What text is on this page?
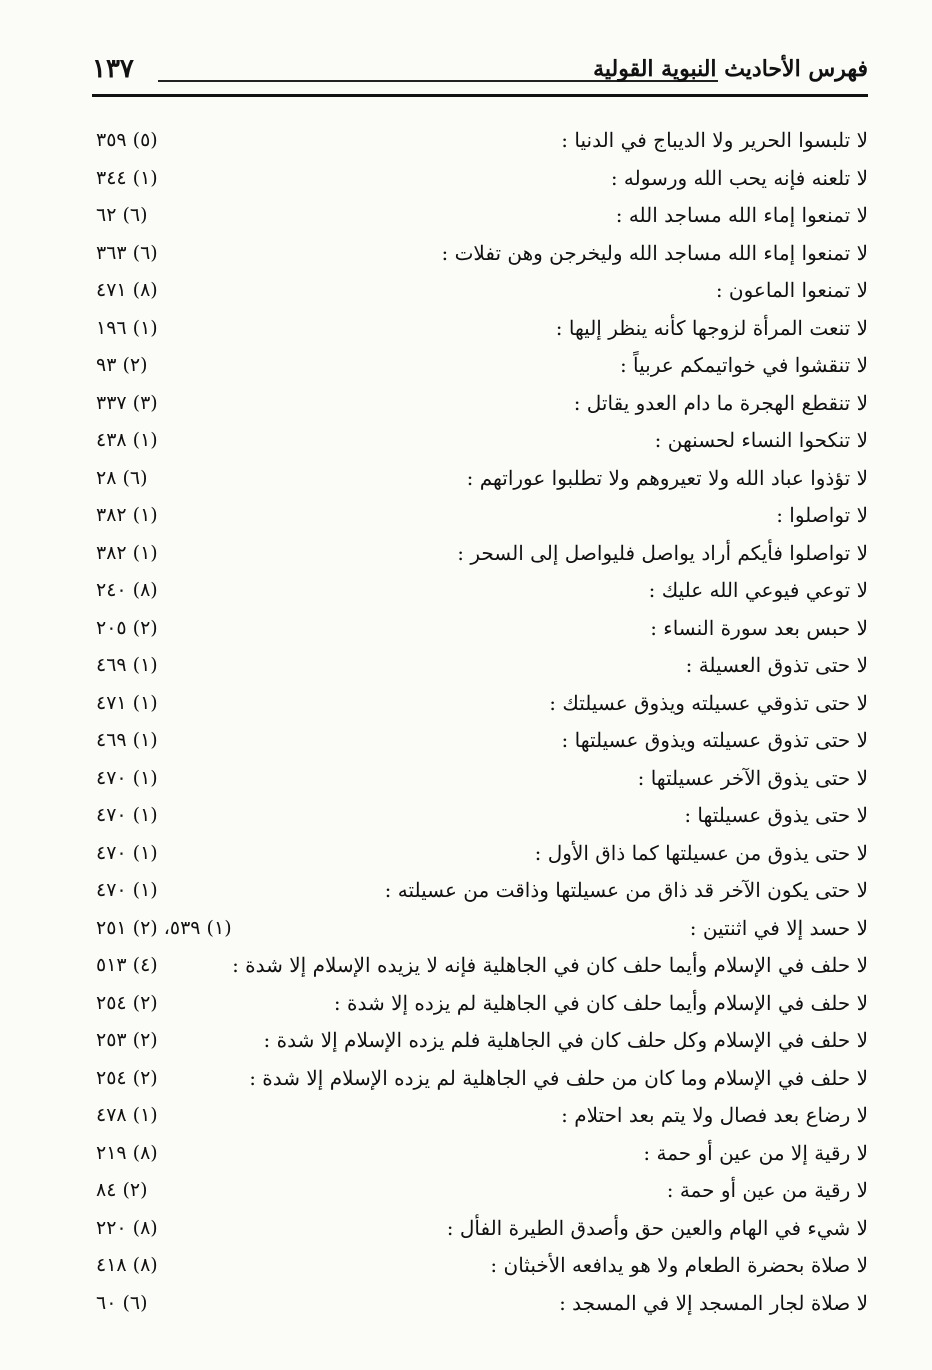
١٣٧	فهرس الأحاديث النبوية القولية
لا تلبسوا الحرير ولا الديباج في الدنيا :
(٥) ٣٥٩
لا تلعنه فإنه يحب الله ورسوله :
(١) ٣٤٤
لا تمنعوا إماء الله مساجد الله :
(٦) ٦٢
لا تمنعوا إماء الله مساجد الله وليخرجن وهن تفلات :
(٦) ٣٦٣
لا تمنعوا الماعون :
(٨) ٤٧١
لا تنعت المرأة لزوجها كأنه ينظر إليها :
(١) ١٩٦
لا تنقشوا في خواتيمكم عربياً :
(٢) ٩٣
لا تنقطع الهجرة ما دام العدو يقاتل :
(٣) ٣٣٧
لا تنكحوا النساء لحسنهن :
(١) ٤٣٨
لا تؤذوا عباد الله ولا تعيروهم ولا تطلبوا عوراتهم :
(٦) ٢٨
لا تواصلوا :
(١) ٣٨٢
لا تواصلوا فأيكم أراد يواصل فليواصل إلى السحر :
(١) ٣٨٢
لا توعي فيوعي الله عليك :
(٨) ٢٤٠
لا حبس بعد سورة النساء :
(٢) ٢٠٥
لا حتى تذوق العسيلة :
(١) ٤٦٩
لا حتى تذوقي عسيلته ويذوق عسيلتك :
(١) ٤٧١
لا حتى تذوق عسيلته ويذوق عسيلتها :
(١) ٤٦٩
لا حتى يذوق الآخر عسيلتها :
(١) ٤٧٠
لا حتى يذوق عسيلتها :
(١) ٤٧٠
لا حتى يذوق من عسيلتها كما ذاق الأول :
(١) ٤٧٠
لا حتى يكون الآخر قد ذاق من عسيلتها وذاقت من عسيلته :
(١) ٤٧٠
لا حسد إلا في اثنتين :
(١) ٥٣٩، (٢) ٢٥١
لا حلف في الإسلام وأيما حلف كان في الجاهلية فإنه لا يزيده الإسلام إلا شدة :
(٤) ٥١٣
لا حلف في الإسلام وأيما حلف كان في الجاهلية لم يزده إلا شدة :
(٢) ٢٥٤
لا حلف في الإسلام وكل حلف كان في الجاهلية فلم يزده الإسلام إلا شدة :
(٢) ٢٥٣
لا حلف في الإسلام وما كان من حلف في الجاهلية لم يزده الإسلام إلا شدة :
(٢) ٢٥٤
لا رضاع بعد فصال ولا يتم بعد احتلام :
(١) ٤٧٨
لا رقية إلا من عين أو حمة :
(٨) ٢١٩
لا رقية من عين أو حمة :
(٢) ٨٤
لا شيء في الهام والعين حق وأصدق الطيرة الفأل :
(٨) ٢٢٠
لا صلاة بحضرة الطعام ولا هو يدافعه الأخبثان :
(٨) ٤١٨
لا صلاة لجار المسجد إلا في المسجد :
(٦) ٦٠
